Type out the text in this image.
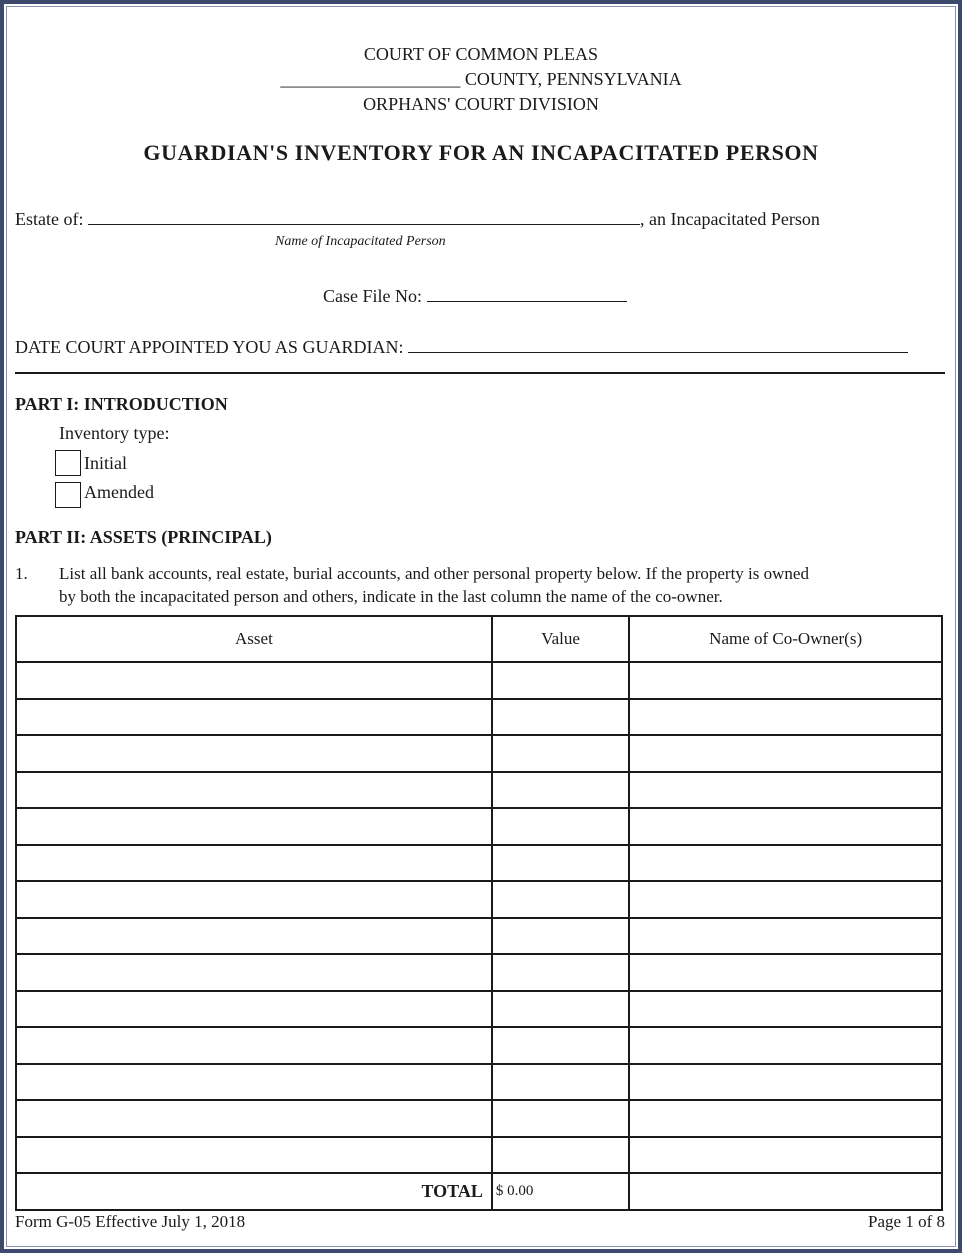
COURT OF COMMON PLEAS
____________________ COUNTY, PENNSYLVANIA
ORPHANS' COURT DIVISION
GUARDIAN'S INVENTORY FOR AN INCAPACITATED PERSON
Estate of:	, an Incapacitated Person
Name of Incapacitated Person
Case File No:
DATE COURT APPOINTED YOU AS GUARDIAN:
PART I: INTRODUCTION
Inventory type:
Initial
Amended
PART II: ASSETS (PRINCIPAL)
1. List all bank accounts, real estate, burial accounts, and other personal property below. If the property is owned
by both the incapacitated person and others, indicate in the last column the name of the co-owner.
Asset	Value	Name of Co-Owner(s)

TOTAL	$ 0.00	
Form G-05 Effective July 1, 2018	Page 1 of 8
